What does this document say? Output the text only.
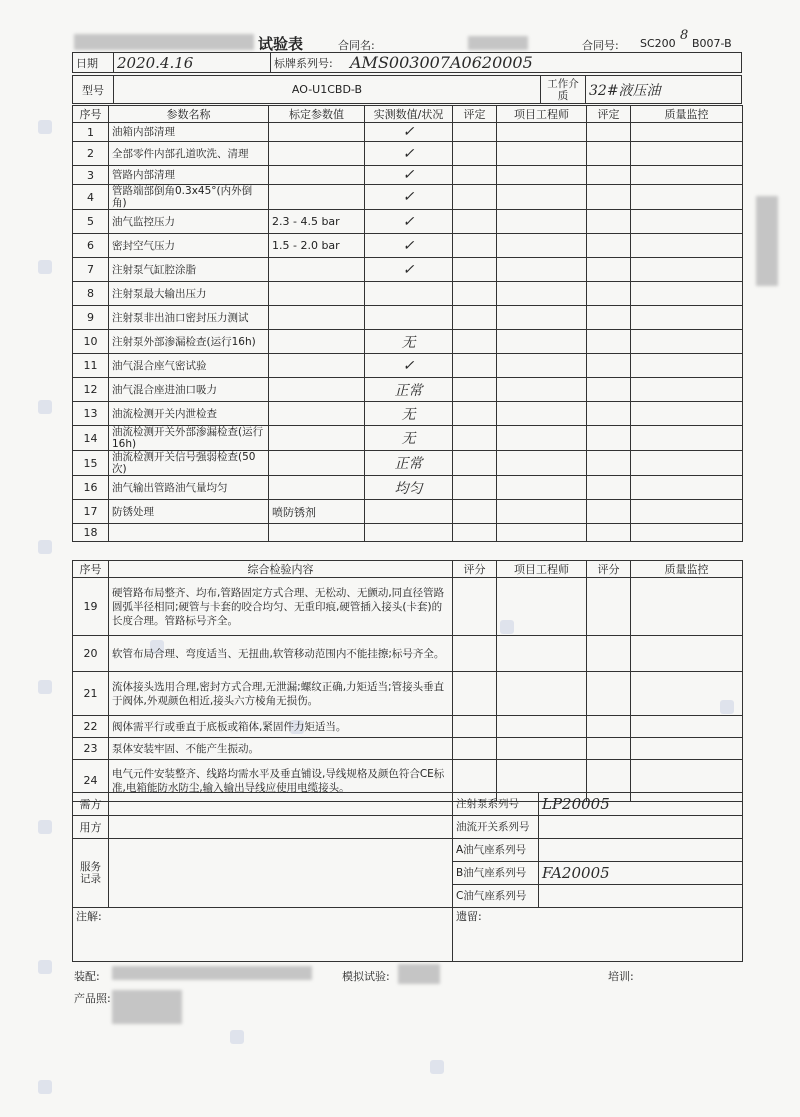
试验表	合同名:	合同号: SC200
8
B007-B
日期	2020.4.16	标牌系列号:	AMS003007A0620005
型号	AO-U1CBD-B	工作介质	32#液压油
序号	参数名称	标定参数值	实测数值/状况	评定	项目工程师	评定	质量监控
1	油箱内部清理		✓				
2	全部零件内部孔道吹洗、清理		✓				
3	管路内部清理		✓				
4	管路端部倒角0.3x45°(内外倒角)		✓				
5	油气监控压力	2.3 - 4.5 bar	✓				
6	密封空气压力	1.5 - 2.0 bar	✓				
7	注射泵气缸腔涂脂		✓				
8	注射泵最大输出压力						
9	注射泵非出油口密封压力测试						
10	注射泵外部渗漏检查(运行16h)		无				
11	油气混合座气密试验		✓				
12	油气混合座进油口吸力		正常				
13	油流检测开关内泄检查		无				
14	油流检测开关外部渗漏检查(运行16h)		无				
15	油流检测开关信号强弱检查(50次)		正常				
16	油气输出管路油气量均匀		均匀				
17	防锈处理	喷防锈剂					
18							
序号	综合检验内容	评分	项目工程师	评分	质量监控
19	硬管路布局整齐、均布,管路固定方式合理、无松动、无颤动,同直径管路圆弧半径相同;硬管与卡套的咬合均匀、无重印痕,硬管插入接头(卡套)的长度合理。管路标号齐全。				
20	软管布局合理、弯度适当、无扭曲,软管移动范围内不能挂擦;标号齐全。				
21	流体接头选用合理,密封方式合理,无泄漏;螺纹正确,力矩适当;管接头垂直于阀体,外观颜色相近,接头六方棱角无损伤。				
22	阀体需平行或垂直于底板或箱体,紧固件力矩适当。				
23	泵体安装牢固、不能产生振动。				
24	电气元件安装整齐、线路均需水平及垂直铺设,导线规格及颜色符合CE标准,电箱能防水防尘,输入输出导线应使用电缆接头。				
需方		注射泵系列号	LP20005
用方		油流开关系列号	
服务记录		A油气座系列号	
		B油气座系列号	FA20005
		C油气座系列号	
注解:		遗留:	
装配:	模拟试验:	培训:
产品照:
